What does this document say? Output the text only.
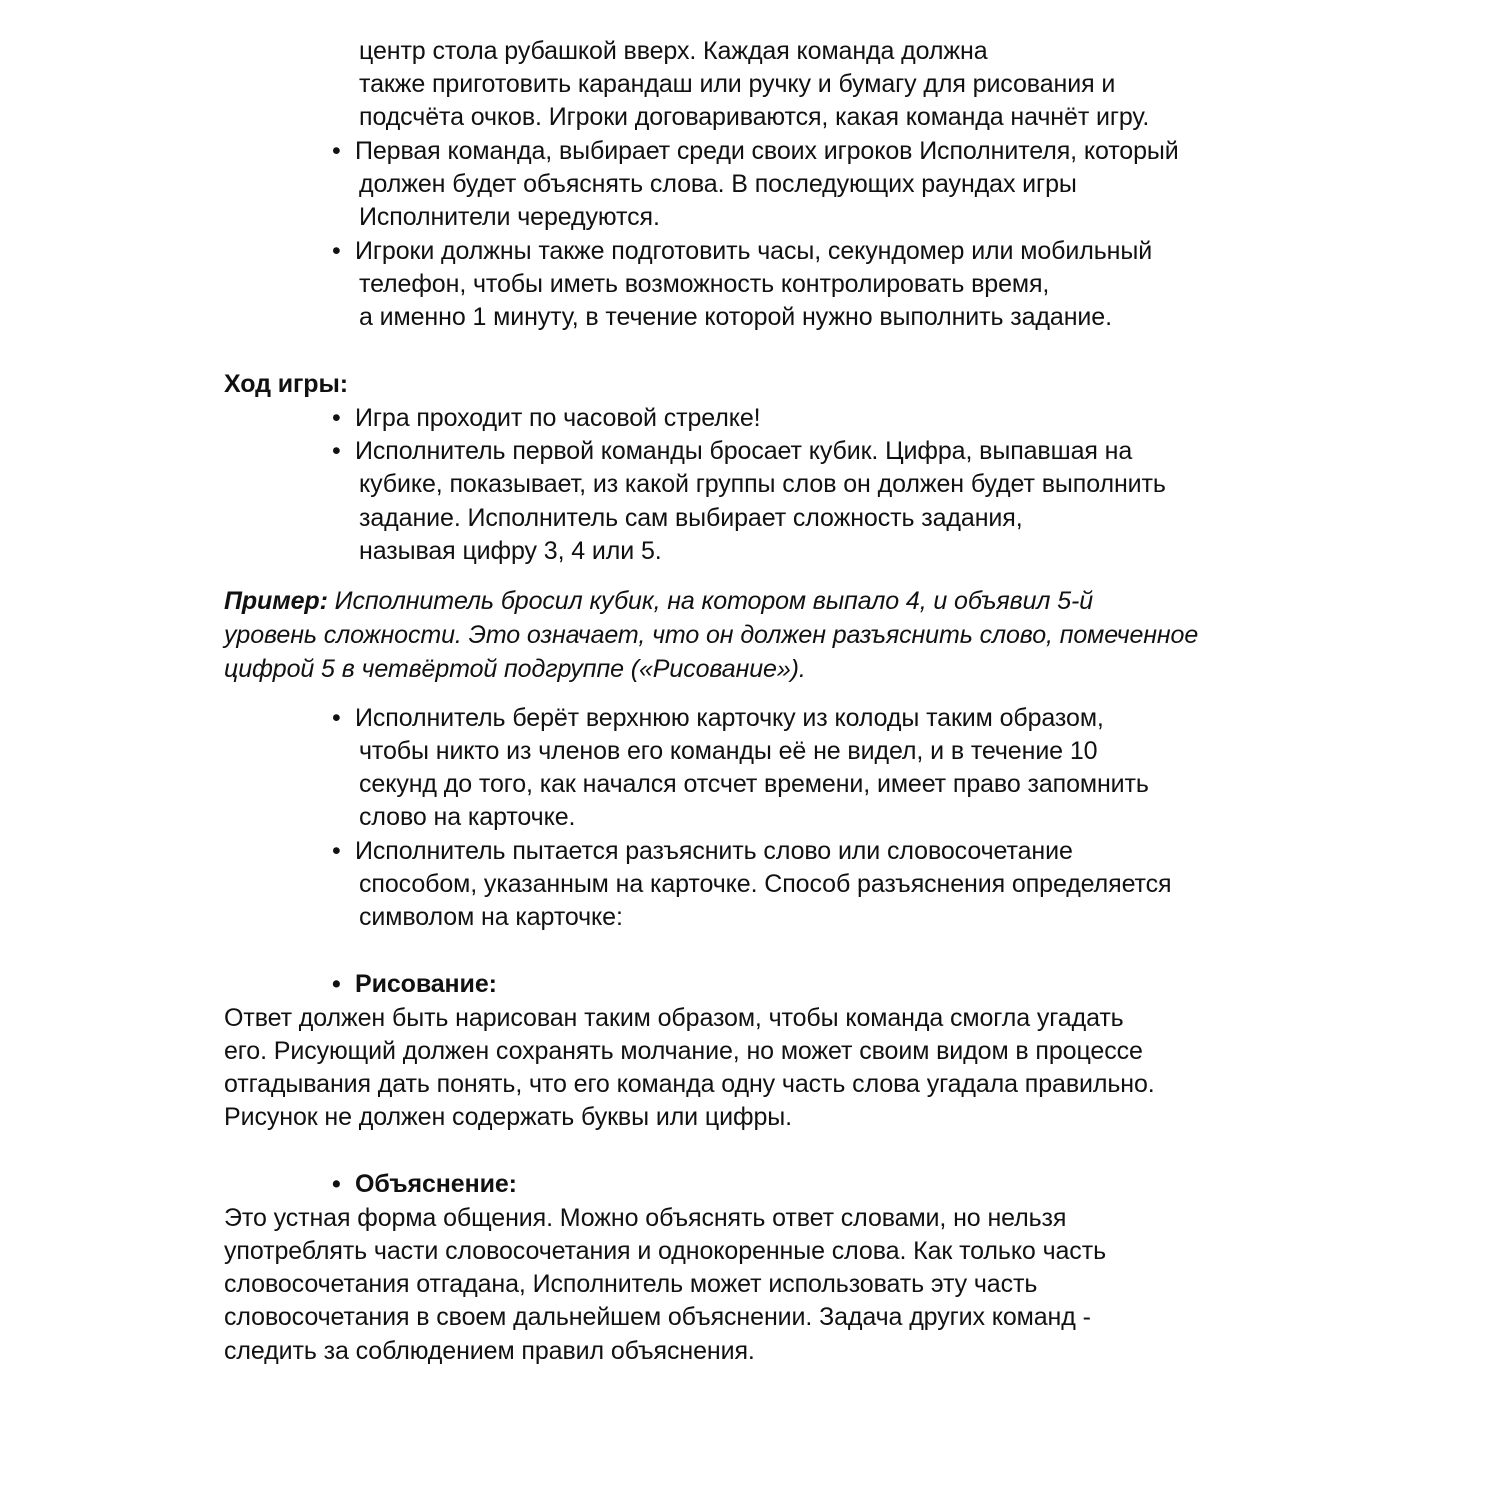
центр стола рубашкой вверх. Каждая команда должна
также приготовить карандаш или ручку и бумагу для рисования и
подсчёта очков. Игроки договариваются, какая команда начнёт игру.
• Первая команда, выбирает среди своих игроков Исполнителя, который
должен будет объяснять слова. В последующих раундах игры
Исполнители чередуются.
• Игроки должны также подготовить часы, секундомер или мобильный
телефон, чтобы иметь возможность контролировать время,
а именно 1 минуту, в течение которой нужно выполнить задание.
Ход игры:
• Игра проходит по часовой стрелке!
• Исполнитель первой команды бросает кубик. Цифра, выпавшая на
кубике, показывает, из какой группы слов он должен будет выполнить
задание. Исполнитель сам выбирает сложность задания,
называя цифру 3, 4 или 5.
Пример: Исполнитель бросил кубик, на котором выпало 4, и объявил 5-й
уровень сложности. Это означает, что он должен разъяснить слово, помеченное
цифрой 5 в четвёртой подгруппе («Рисование»).
• Исполнитель берёт верхнюю карточку из колоды таким образом,
чтобы никто из членов его команды её не видел, и в течение 10
секунд до того, как начался отсчет времени, имеет право запомнить
слово на карточке.
• Исполнитель пытается разъяснить слово или словосочетание
способом, указанным на карточке. Способ разъяснения определяется
символом на карточке:
• Рисование:
Ответ должен быть нарисован таким образом, чтобы команда смогла угадать
его. Рисующий должен сохранять молчание, но может своим видом в процессе
отгадывания дать понять, что его команда одну часть слова угадала правильно.
Рисунок не должен содержать буквы или цифры.
• Объяснение:
Это устная форма общения. Можно объяснять ответ словами, но нельзя
употреблять части словосочетания и однокоренные слова. Как только часть
словосочетания отгадана, Исполнитель может использовать эту часть
словосочетания в своем дальнейшем объяснении. Задача других команд -
следить за соблюдением правил объяснения.
